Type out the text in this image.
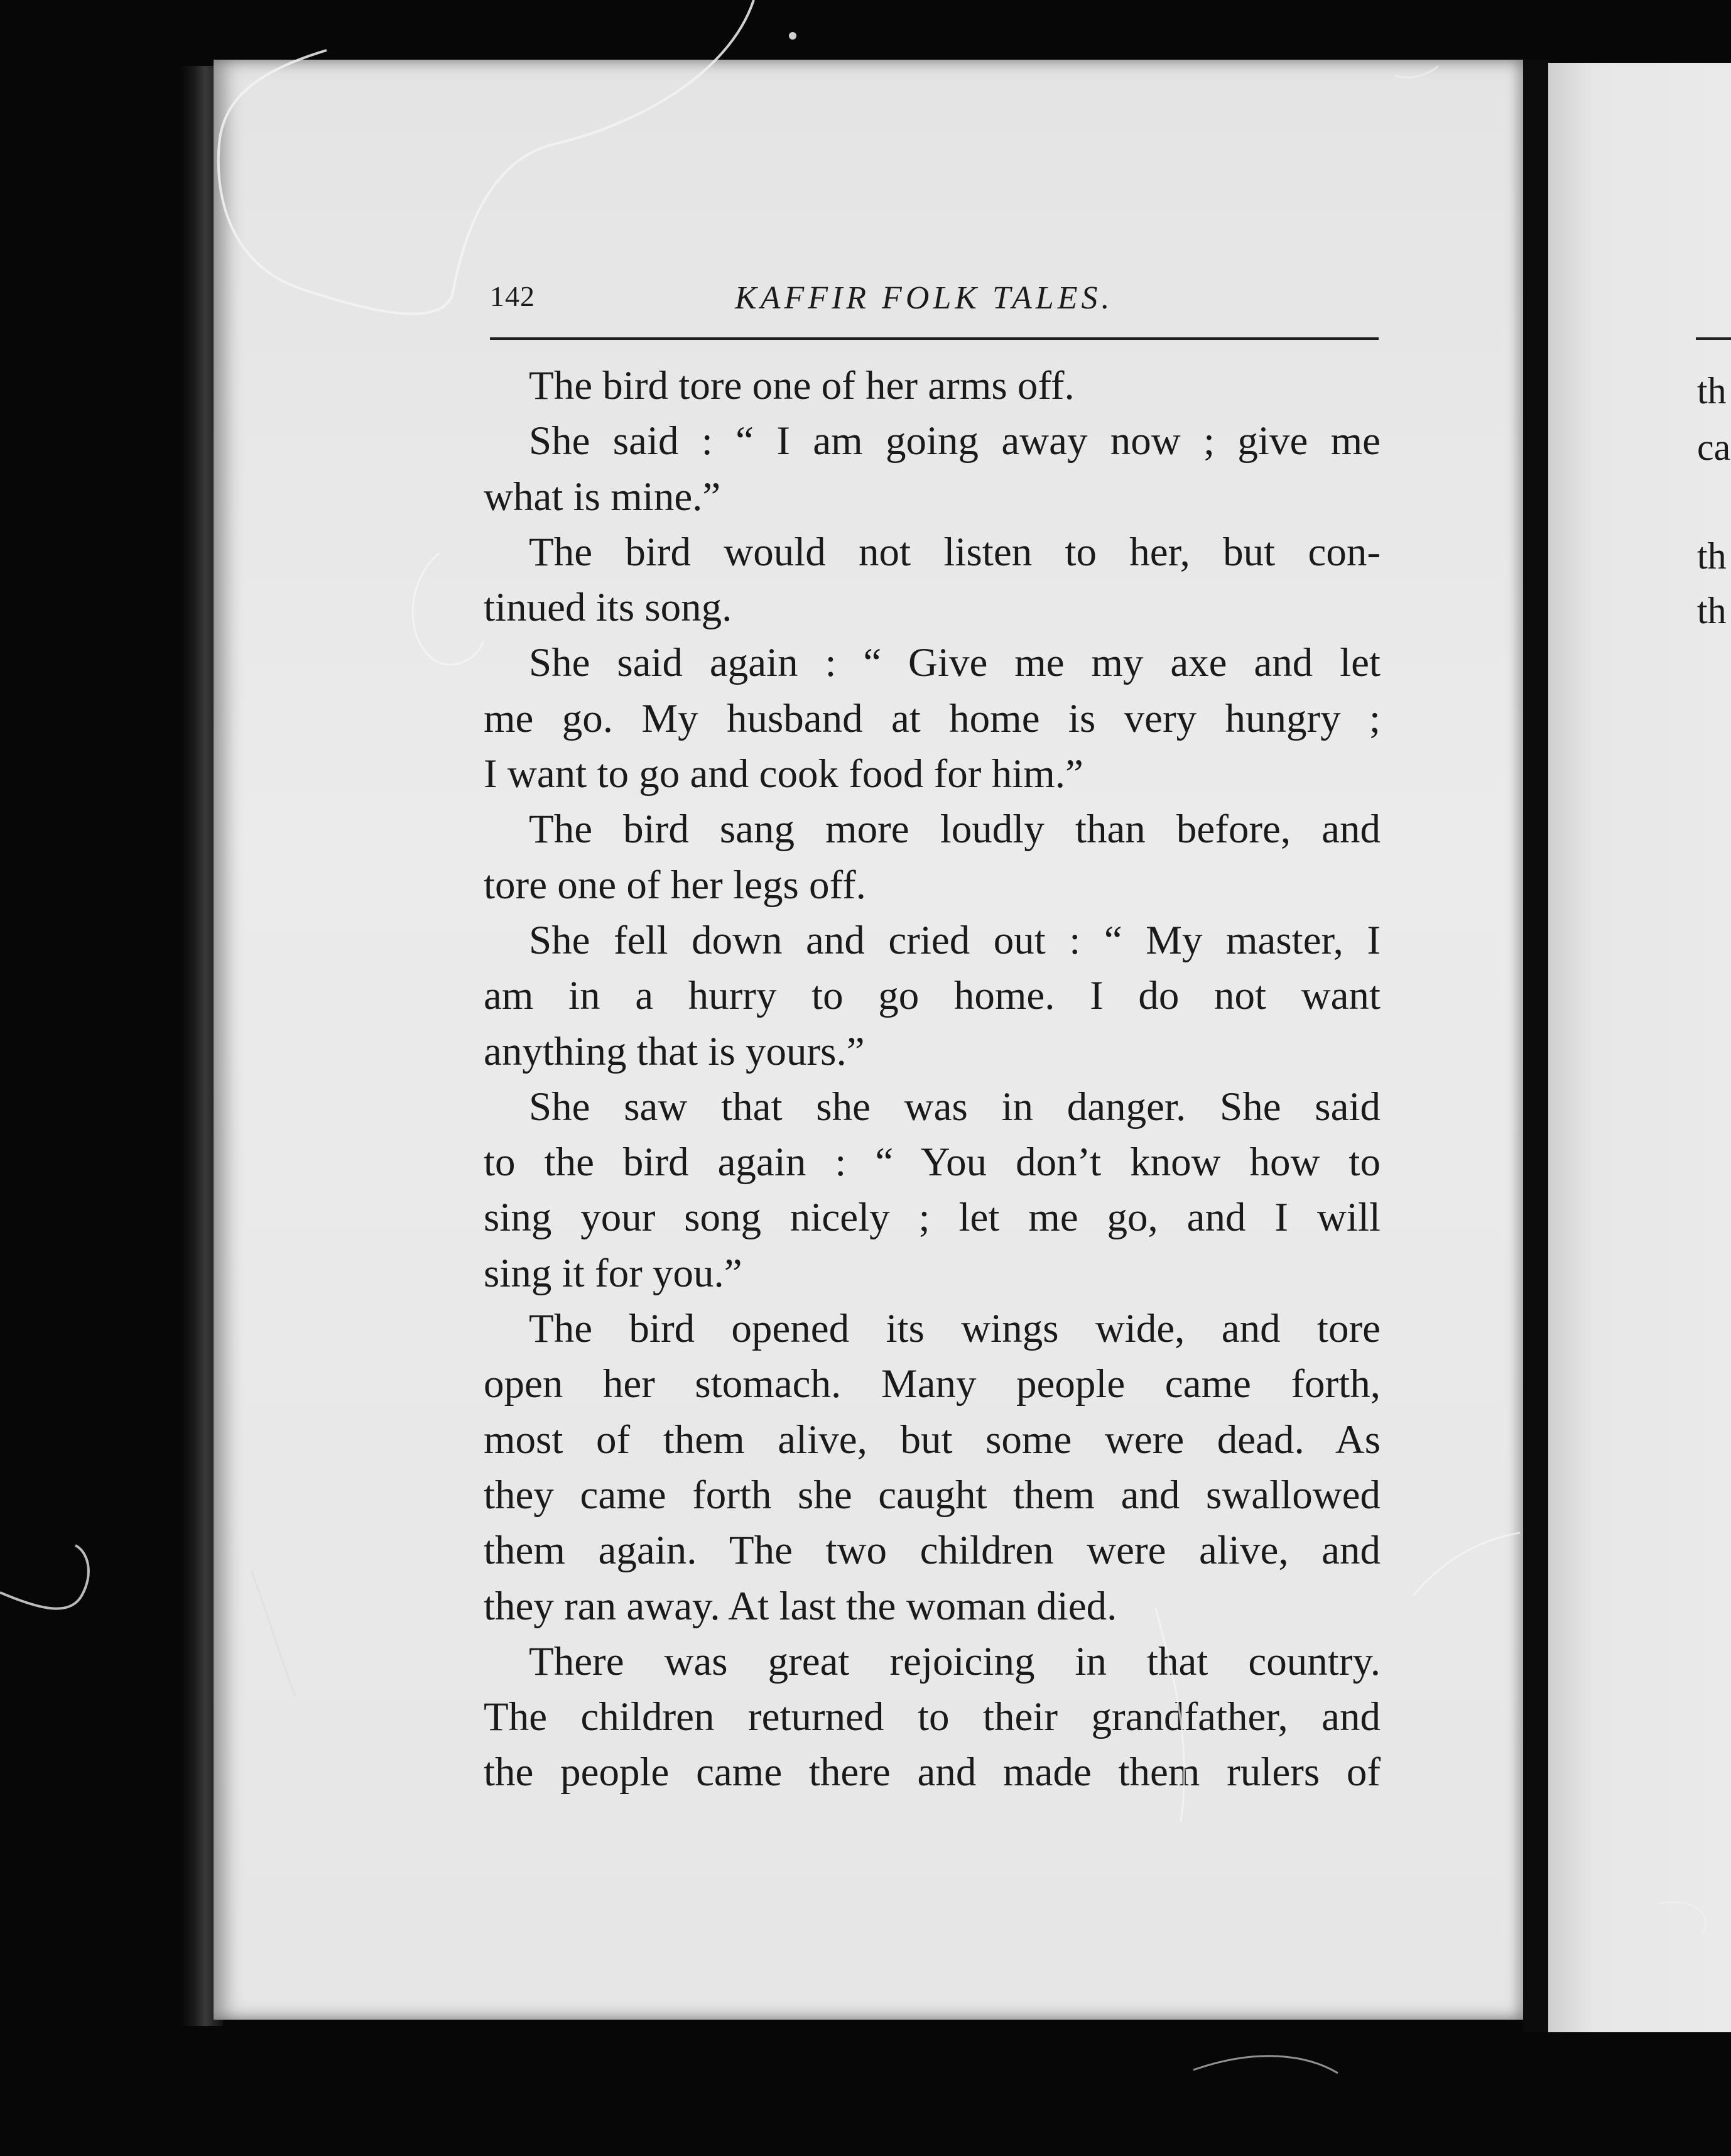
th
ca
th
th
142	KAFFIR FOLK TALES.
The bird tore one of her arms off.
She said : “ I am going away now ; give me
what is mine.”
The bird would not listen to her, but con-
tinued its song.
She said again : “ Give me my axe and let
me go. My husband at home is very hungry ;
I want to go and cook food for him.”
The bird sang more loudly than before, and
tore one of her legs off.
She fell down and cried out : “ My master, I
am in a hurry to go home. I do not want
anything that is yours.”
She saw that she was in danger. She said
to the bird again : “ You don’t know how to
sing your song nicely ; let me go, and I will
sing it for you.”
The bird opened its wings wide, and tore
open her stomach. Many people came forth,
most of them alive, but some were dead. As
they came forth she caught them and swallowed
them again. The two children were alive, and
they ran away. At last the woman died.
There was great rejoicing in that country.
The children returned to their grandfather, and
the people came there and made them rulers of
